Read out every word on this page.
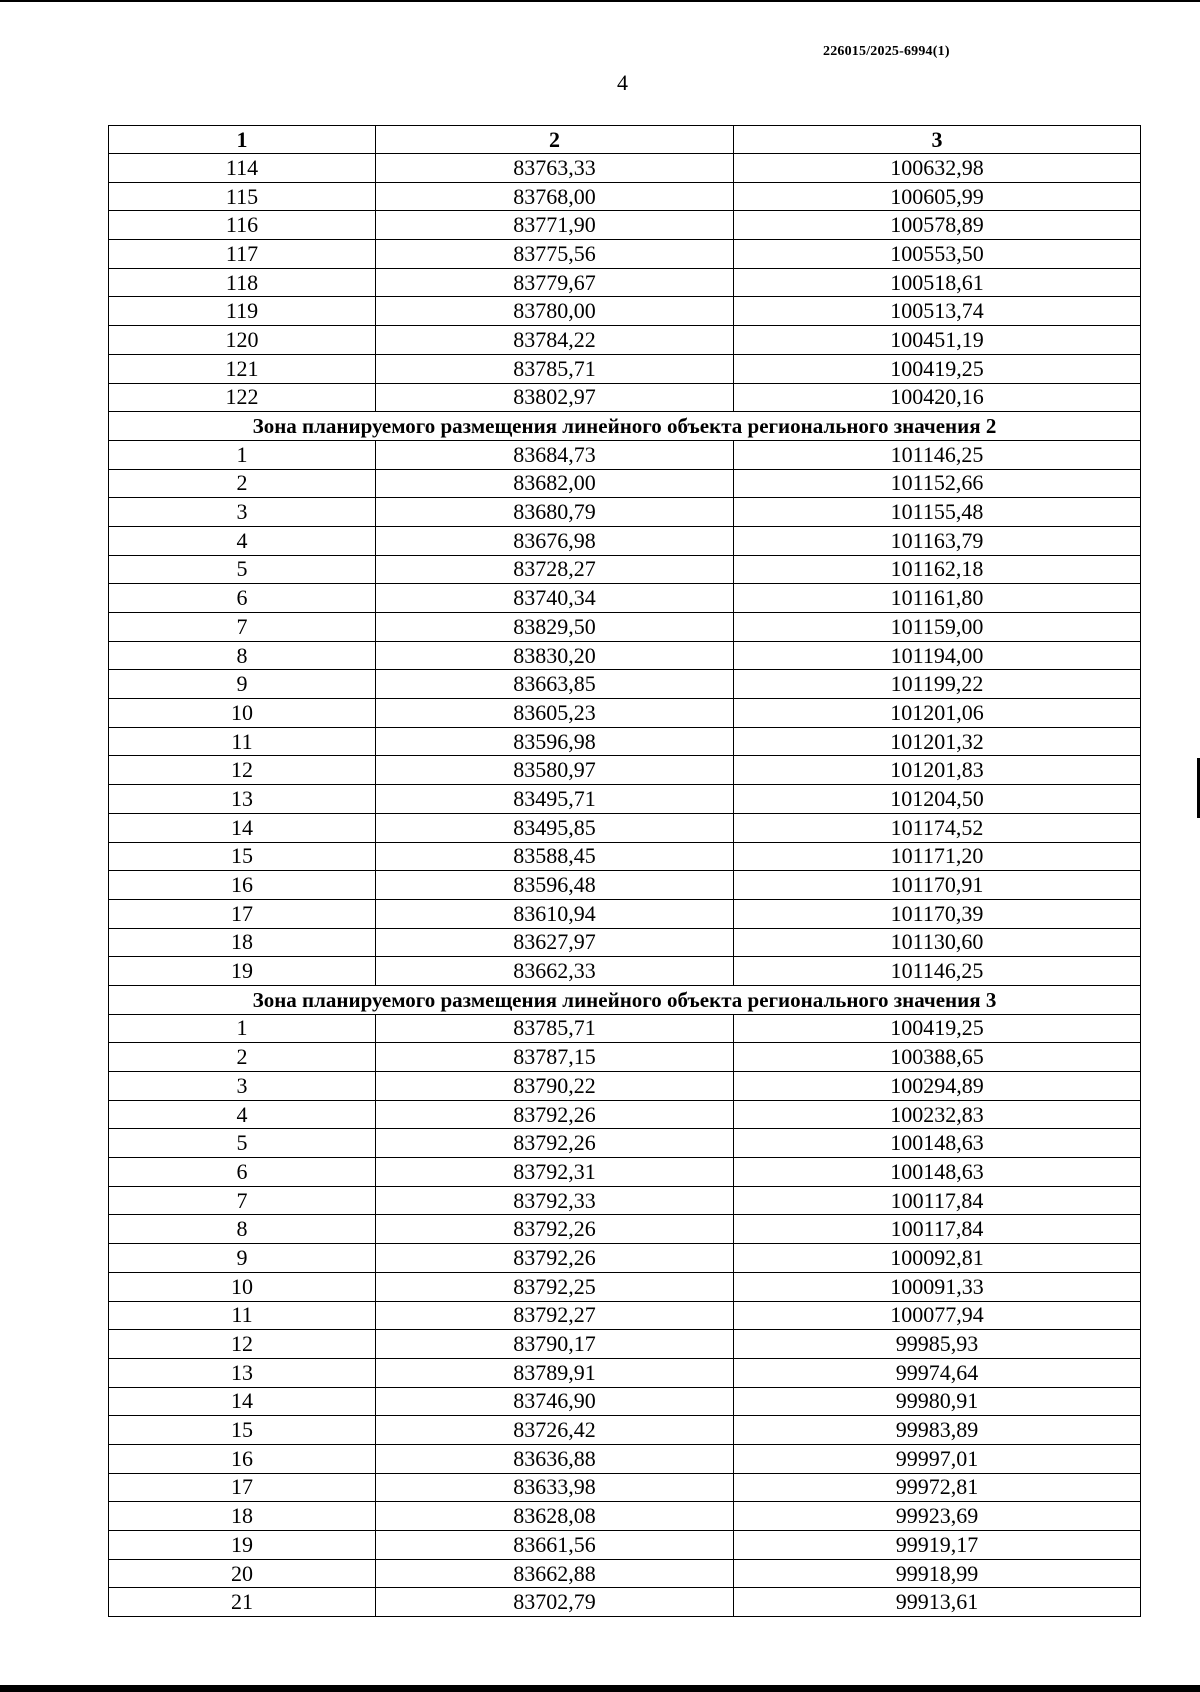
226015/2025-6994(1)
4
1	2	3
114	83763,33	100632,98
115	83768,00	100605,99
116	83771,90	100578,89
117	83775,56	100553,50
118	83779,67	100518,61
119	83780,00	100513,74
120	83784,22	100451,19
121	83785,71	100419,25
122	83802,97	100420,16
Зона планируемого размещения линейного объекта регионального значения 2		
1	83684,73	101146,25
2	83682,00	101152,66
3	83680,79	101155,48
4	83676,98	101163,79
5	83728,27	101162,18
6	83740,34	101161,80
7	83829,50	101159,00
8	83830,20	101194,00
9	83663,85	101199,22
10	83605,23	101201,06
11	83596,98	101201,32
12	83580,97	101201,83
13	83495,71	101204,50
14	83495,85	101174,52
15	83588,45	101171,20
16	83596,48	101170,91
17	83610,94	101170,39
18	83627,97	101130,60
19	83662,33	101146,25
Зона планируемого размещения линейного объекта регионального значения 3		
1	83785,71	100419,25
2	83787,15	100388,65
3	83790,22	100294,89
4	83792,26	100232,83
5	83792,26	100148,63
6	83792,31	100148,63
7	83792,33	100117,84
8	83792,26	100117,84
9	83792,26	100092,81
10	83792,25	100091,33
11	83792,27	100077,94
12	83790,17	99985,93
13	83789,91	99974,64
14	83746,90	99980,91
15	83726,42	99983,89
16	83636,88	99997,01
17	83633,98	99972,81
18	83628,08	99923,69
19	83661,56	99919,17
20	83662,88	99918,99
21	83702,79	99913,61
